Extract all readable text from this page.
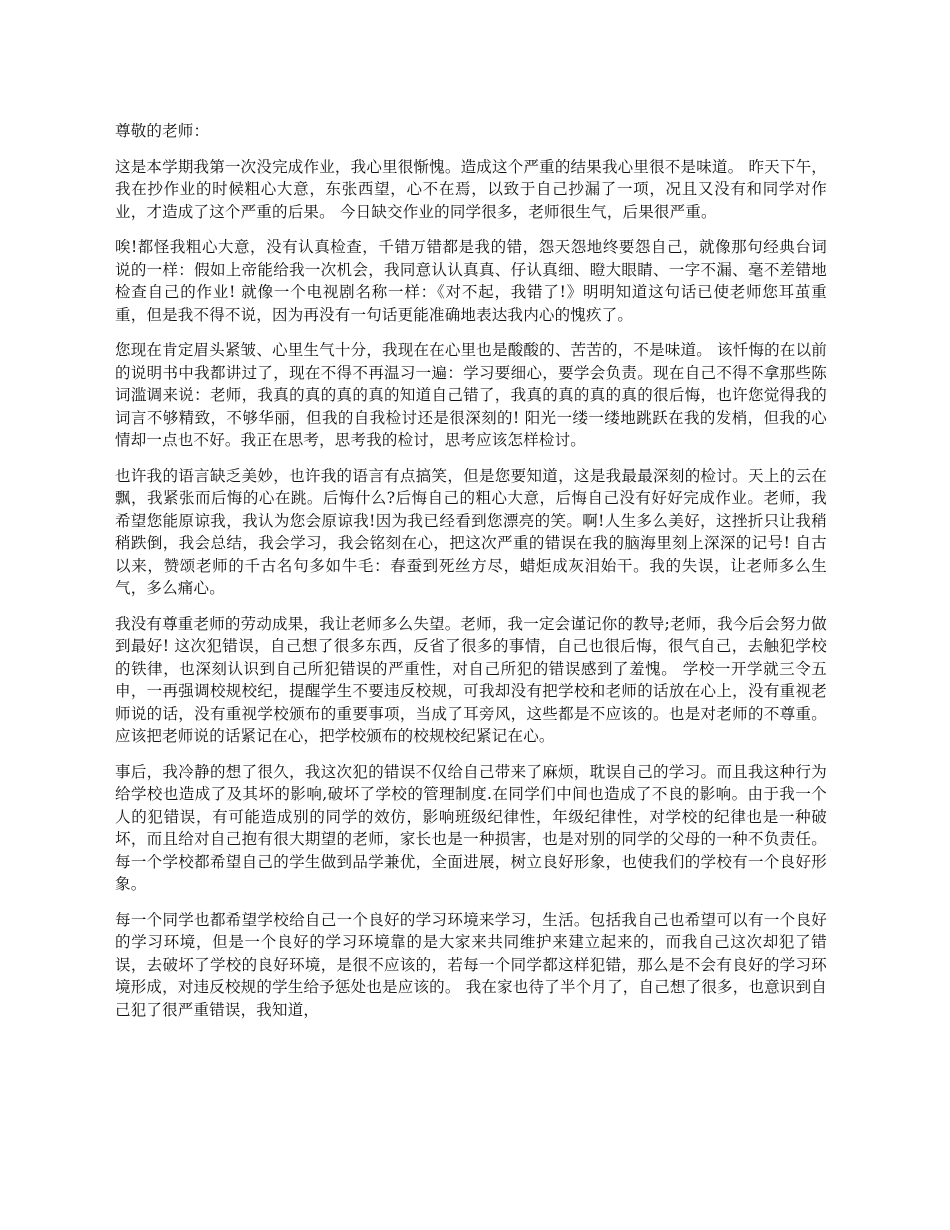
尊敬的老师：

这是本学期我第一次没完成作业，我心里很惭愧。造成这个严重的结果我心里很不是味道。 昨天下午，我在抄作业的时候粗心大意，东张西望，心不在焉，以致于自己抄漏了一项，况且又没有和同学对作业，才造成了这个严重的后果。 今日缺交作业的同学很多，老师很生气，后果很严重。

唉!都怪我粗心大意，没有认真检查，千错万错都是我的错，怨天怨地终要怨自己，就像那句经典台词说的一样：假如上帝能给我一次机会，我同意认认真真、仔认真细、瞪大眼睛、一字不漏、毫不差错地检查自己的作业! 就像一个电视剧名称一样：《对不起，我错了!》明明知道这句话已使老师您耳茧重重，但是我不得不说，因为再没有一句话更能准确地表达我内心的愧疚了。

您现在肯定眉头紧皱、心里生气十分，我现在在心里也是酸酸的、苦苦的，不是味道。 该忏悔的在以前的说明书中我都讲过了，现在不得不再温习一遍：学习要细心，要学会负责。现在自己不得不拿那些陈词滥调来说：老师，我真的真的真的真的知道自己错了，我真的真的真的真的很后悔，也许您觉得我的词言不够精致，不够华丽，但我的自我检讨还是很深刻的! 阳光一缕一缕地跳跃在我的发梢，但我的心情却一点也不好。我正在思考，思考我的检讨，思考应该怎样检讨。

也许我的语言缺乏美妙，也许我的语言有点搞笑，但是您要知道，这是我最最深刻的检讨。天上的云在飘，我紧张而后悔的心在跳。后悔什么?后悔自己的粗心大意，后悔自己没有好好完成作业。老师，我希望您能原谅我，我认为您会原谅我!因为我已经看到您漂亮的笑。啊!人生多么美好，这挫折只让我稍稍跌倒，我会总结，我会学习，我会铭刻在心，把这次严重的错误在我的脑海里刻上深深的记号! 自古以来，赞颂老师的千古名句多如牛毛：春蚕到死丝方尽，蜡炬成灰泪始干。我的失误，让老师多么生气，多么痛心。

我没有尊重老师的劳动成果，我让老师多么失望。老师，我一定会谨记你的教导;老师，我今后会努力做到最好! 这次犯错误，自己想了很多东西，反省了很多的事情，自己也很后悔，很气自己，去触犯学校的铁律，也深刻认识到自己所犯错误的严重性，对自己所犯的错误感到了羞愧。 学校一开学就三令五申，一再强调校规校纪，提醒学生不要违反校规，可我却没有把学校和老师的话放在心上，没有重视老师说的话，没有重视学校颁布的重要事项，当成了耳旁风，这些都是不应该的。也是对老师的不尊重。应该把老师说的话紧记在心，把学校颁布的校规校纪紧记在心。

事后，我冷静的想了很久，我这次犯的错误不仅给自己带来了麻烦，耽误自己的学习。而且我这种行为给学校也造成了及其坏的影响,破坏了学校的管理制度.在同学们中间也造成了不良的影响。由于我一个人的犯错误，有可能造成别的同学的效仿，影响班级纪律性，年级纪律性，对学校的纪律也是一种破坏，而且给对自己抱有很大期望的老师，家长也是一种损害，也是对别的同学的父母的一种不负责任。 每一个学校都希望自己的学生做到品学兼优，全面进展，树立良好形象，也使我们的学校有一个良好形象。

每一个同学也都希望学校给自己一个良好的学习环境来学习，生活。包括我自己也希望可以有一个良好的学习环境，但是一个良好的学习环境靠的是大家来共同维护来建立起来的，而我自己这次却犯了错误，去破坏了学校的良好环境，是很不应该的，若每一个同学都这样犯错，那么是不会有良好的学习环境形成，对违反校规的学生给予惩处也是应该的。 我在家也待了半个月了，自己想了很多，也意识到自己犯了很严重错误，我知道，
